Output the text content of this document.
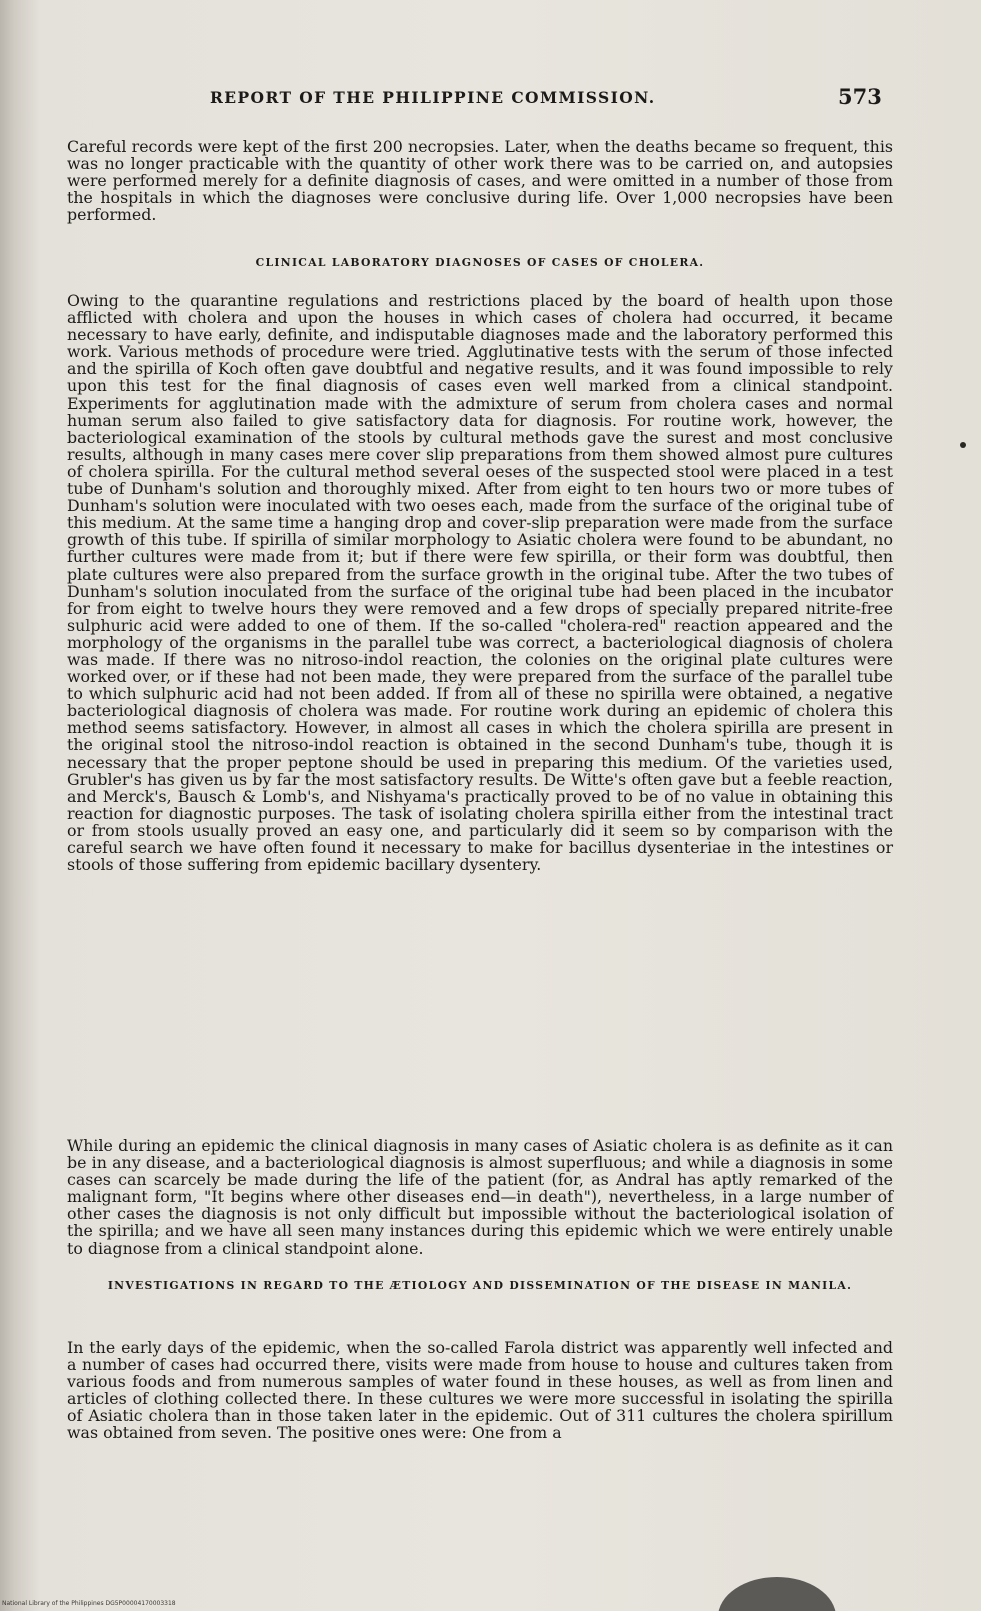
REPORT OF THE PHILIPPINE COMMISSION.	573

Careful records were kept of the first 200 necropsies. Later, when the deaths became so frequent, this was no longer practicable with the quantity of other work there was to be carried on, and autopsies were performed merely for a definite diagnosis of cases, and were omitted in a number of those from the hospitals in which the diagnoses were conclusive during life. Over 1,000 necropsies have been performed.

CLINICAL LABORATORY DIAGNOSES OF CASES OF CHOLERA.

Owing to the quarantine regulations and restrictions placed by the board of health upon those afflicted with cholera and upon the houses in which cases of cholera had occurred, it became necessary to have early, definite, and indisputable diagnoses made and the laboratory performed this work. Various methods of procedure were tried. Agglutinative tests with the serum of those infected and the spirilla of Koch often gave doubtful and negative results, and it was found impossible to rely upon this test for the final diagnosis of cases even well marked from a clinical standpoint. Experiments for agglutination made with the admixture of serum from cholera cases and normal human serum also failed to give satisfactory data for diagnosis. For routine work, however, the bacteriological examination of the stools by cultural methods gave the surest and most conclusive results, although in many cases mere cover slip preparations from them showed almost pure cultures of cholera spirilla. For the cultural method several oeses of the suspected stool were placed in a test tube of Dunham's solution and thoroughly mixed. After from eight to ten hours two or more tubes of Dunham's solution were inoculated with two oeses each, made from the surface of the original tube of this medium. At the same time a hanging drop and cover-slip preparation were made from the surface growth of this tube. If spirilla of similar morphology to Asiatic cholera were found to be abundant, no further cultures were made from it; but if there were few spirilla, or their form was doubtful, then plate cultures were also prepared from the surface growth in the original tube. After the two tubes of Dunham's solution inoculated from the surface of the original tube had been placed in the incubator for from eight to twelve hours they were removed and a few drops of specially prepared nitrite-free sulphuric acid were added to one of them. If the so-called "cholera-red" reaction appeared and the morphology of the organisms in the parallel tube was correct, a bacteriological diagnosis of cholera was made. If there was no nitroso-indol reaction, the colonies on the original plate cultures were worked over, or if these had not been made, they were prepared from the surface of the parallel tube to which sulphuric acid had not been added. If from all of these no spirilla were obtained, a negative bacteriological diagnosis of cholera was made. For routine work during an epidemic of cholera this method seems satisfactory. However, in almost all cases in which the cholera spirilla are present in the original stool the nitroso-indol reaction is obtained in the second Dunham's tube, though it is necessary that the proper peptone should be used in preparing this medium. Of the varieties used, Grubler's has given us by far the most satisfactory results. De Witte's often gave but a feeble reaction, and Merck's, Bausch & Lomb's, and Nishyama's practically proved to be of no value in obtaining this reaction for diagnostic purposes. The task of isolating cholera spirilla either from the intestinal tract or from stools usually proved an easy one, and particularly did it seem so by comparison with the careful search we have often found it necessary to make for bacillus dysenteriae in the intestines or stools of those suffering from epidemic bacillary dysentery.

While during an epidemic the clinical diagnosis in many cases of Asiatic cholera is as definite as it can be in any disease, and a bacteriological diagnosis is almost superfluous; and while a diagnosis in some cases can scarcely be made during the life of the patient (for, as Andral has aptly remarked of the malignant form, "It begins where other diseases end—in death"), nevertheless, in a large number of other cases the diagnosis is not only difficult but impossible without the bacteriological isolation of the spirilla; and we have all seen many instances during this epidemic which we were entirely unable to diagnose from a clinical standpoint alone.

INVESTIGATIONS IN REGARD TO THE ÆTIOLOGY AND DISSEMINATION OF THE DISEASE IN MANILA.

In the early days of the epidemic, when the so-called Farola district was apparently well infected and a number of cases had occurred there, visits were made from house to house and cultures taken from various foods and from numerous samples of water found in these houses, as well as from linen and articles of clothing collected there. In these cultures we were more successful in isolating the spirilla of Asiatic cholera than in those taken later in the epidemic. Out of 311 cultures the cholera spirillum was obtained from seven. The positive ones were: One from a

National Library of the Philippines DG5P00004170003318
